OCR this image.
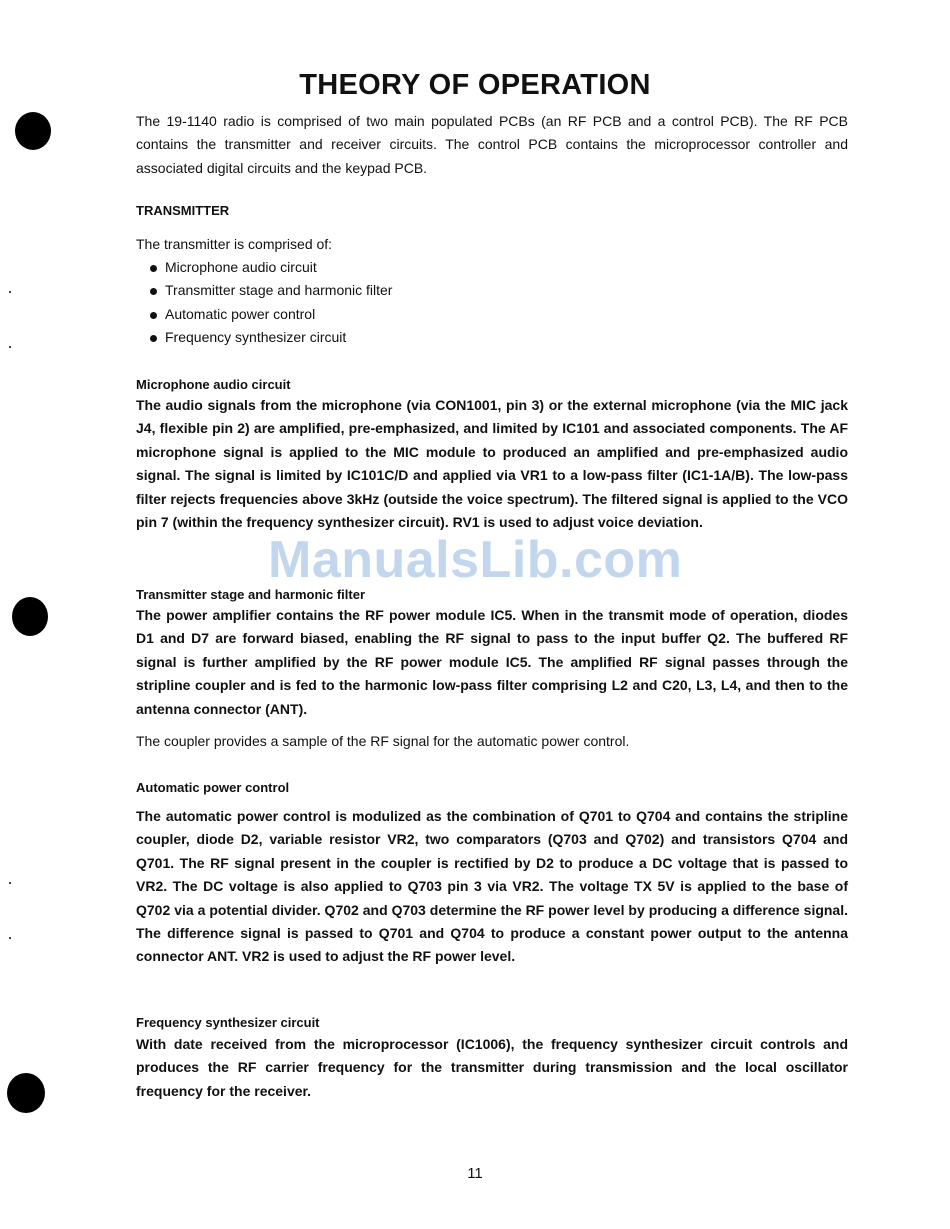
THEORY OF OPERATION

The 19-1140 radio is comprised of two main populated PCBs (an RF PCB and a control PCB). The RF PCB contains the transmitter and receiver circuits. The control PCB contains the microprocessor controller and associated digital circuits and the keypad PCB.

TRANSMITTER

The transmitter is comprised of:

Microphone audio circuit
Transmitter stage and harmonic filter
Automatic power control
Frequency synthesizer circuit
Microphone audio circuit

The audio signals from the microphone (via CON1001, pin 3) or the external microphone (via the MIC jack J4, flexible pin 2) are amplified, pre-emphasized, and limited by IC101 and associated components. The AF microphone signal is applied to the MIC module to produced an amplified and pre-emphasized audio signal. The signal is limited by IC101C/D and applied via VR1 to a low-pass filter (IC1-1A/B). The low-pass filter rejects frequencies above 3kHz (outside the voice spectrum). The filtered signal is applied to the VCO pin 7 (within the frequency synthesizer circuit). RV1 is used to adjust voice deviation.

ManualsLib.com
Transmitter stage and harmonic filter

The power amplifier contains the RF power module IC5. When in the transmit mode of operation, diodes D1 and D7 are forward biased, enabling the RF signal to pass to the input buffer Q2. The buffered RF signal is further amplified by the RF power module IC5. The amplified RF signal passes through the stripline coupler and is fed to the harmonic low-pass filter comprising L2 and C20, L3, L4, and then to the antenna connector (ANT).

The coupler provides a sample of the RF signal for the automatic power control.

Automatic power control

The automatic power control is modulized as the combination of Q701 to Q704 and contains the stripline coupler, diode D2, variable resistor VR2, two comparators (Q703 and Q702) and transistors Q704 and Q701. The RF signal present in the coupler is rectified by D2 to produce a DC voltage that is passed to VR2. The DC voltage is also applied to Q703 pin 3 via VR2. The voltage TX 5V is applied to the base of Q702 via a potential divider. Q702 and Q703 determine the RF power level by producing a difference signal. The difference signal is passed to Q701 and Q704 to produce a constant power output to the antenna connector ANT. VR2 is used to adjust the RF power level.

Frequency synthesizer circuit

With date received from the microprocessor (IC1006), the frequency synthesizer circuit controls and produces the RF carrier frequency for the transmitter during transmission and the local oscillator frequency for the receiver.

11
